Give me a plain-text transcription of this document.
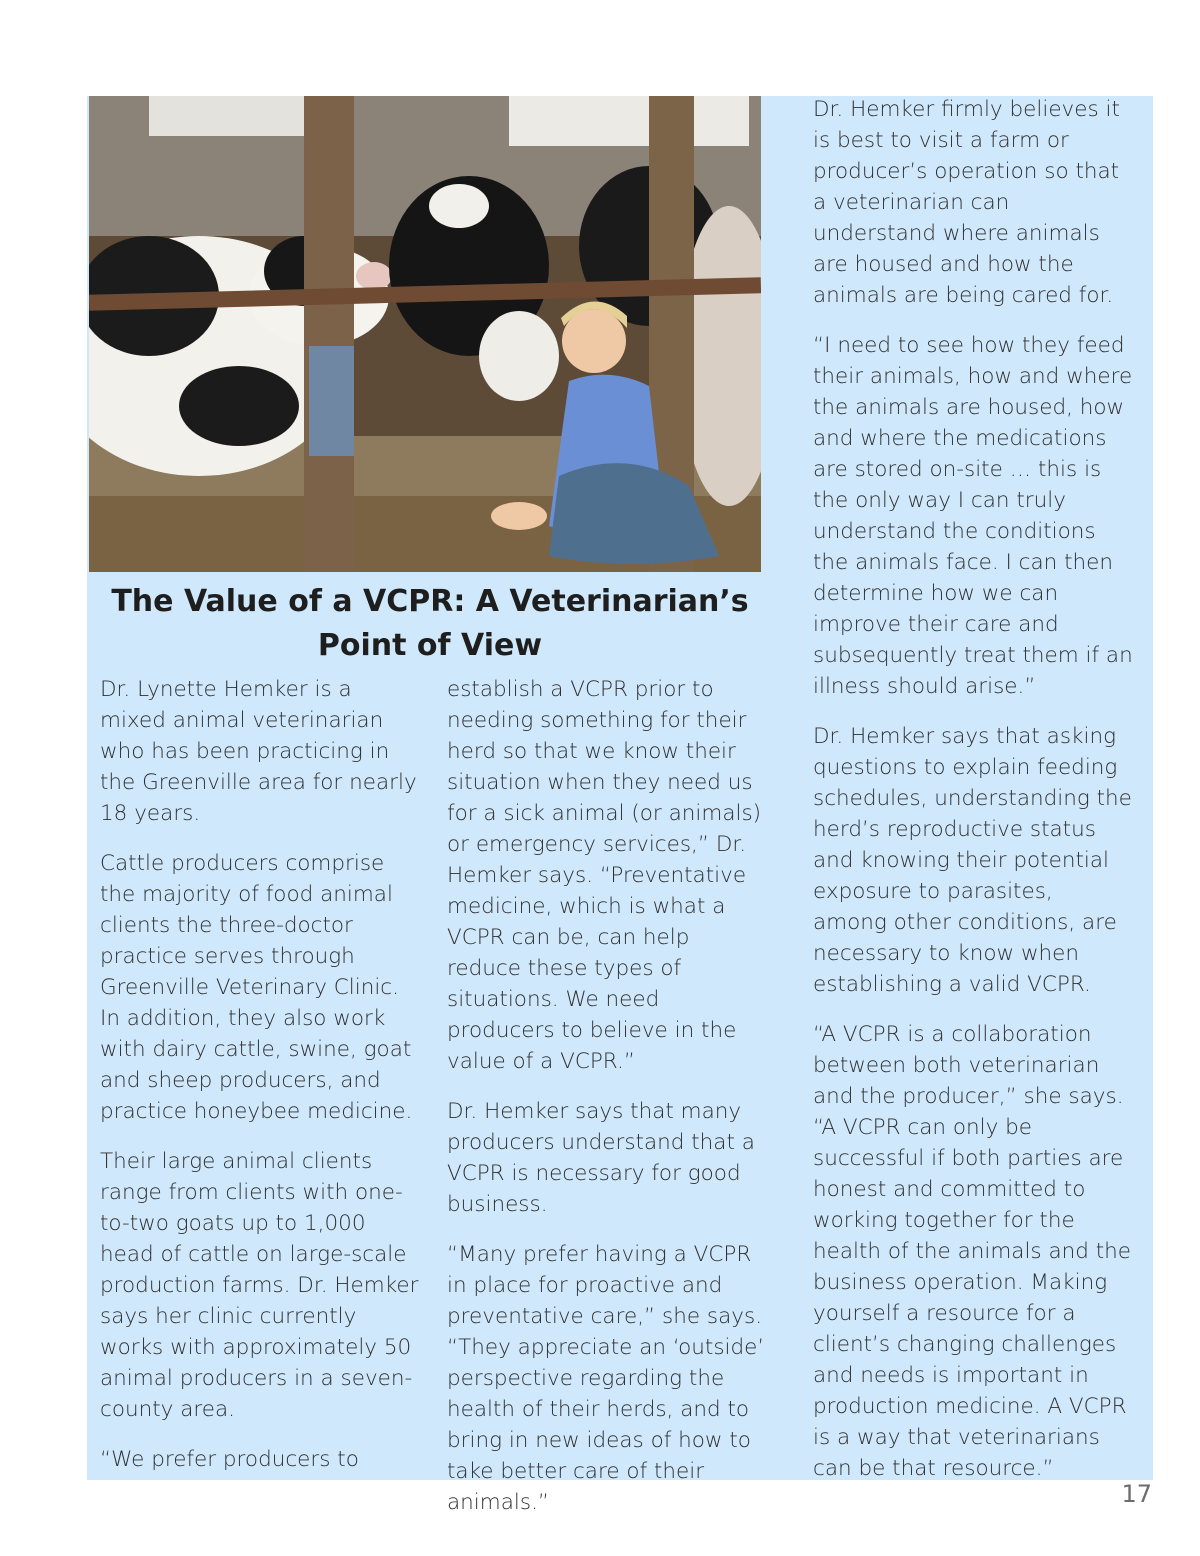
The Value of a VCPR: A Veterinarian’s
Point of View

Dr. Lynette Hemker is a mixed animal veterinarian who has been practicing in the Greenville area for nearly 18 years.

Cattle producers comprise the majority of food animal clients the three-doctor practice serves through Greenville Veterinary Clinic. In addition, they also work with dairy cattle, swine, goat and sheep producers, and practice honeybee medicine.

Their large animal clients range from clients with one-to-two goats up to 1,000 head of cattle on large-scale production farms. Dr. Hemker says her clinic currently works with approximately 50 animal producers in a seven-county area.

“We prefer producers to

establish a VCPR prior to needing something for their herd so that we know their situation when they need us for a sick animal (or animals) or emergency services,” Dr. Hemker says. “Preventative medicine, which is what a VCPR can be, can help reduce these types of situations. We need producers to believe in the value of a VCPR.”

Dr. Hemker says that many producers understand that a VCPR is necessary for good business.

“Many prefer having a VCPR in place for proactive and preventative care,” she says. “They appreciate an ‘outside’ perspective regarding the health of their herds, and to bring in new ideas of how to take better care of their animals.”

Dr. Hemker firmly believes it is best to visit a farm or producer’s operation so that a veterinarian can understand where animals are housed and how the animals are being cared for.

“I need to see how they feed their animals, how and where the animals are housed, how and where the medications are stored on-site … this is the only way I can truly understand the conditions the animals face. I can then determine how we can improve their care and subsequently treat them if an illness should arise.”

Dr. Hemker says that asking questions to explain feeding schedules, understanding the herd’s reproductive status and knowing their potential exposure to parasites, among other conditions, are necessary to know when establishing a valid VCPR.

“A VCPR is a collaboration between both veterinarian and the producer,” she says. “A VCPR can only be successful if both parties are honest and committed to working together for the health of the animals and the business operation. Making yourself a resource for a client’s changing challenges and needs is important in production medicine. A VCPR is a way that veterinarians can be that resource.”

17
